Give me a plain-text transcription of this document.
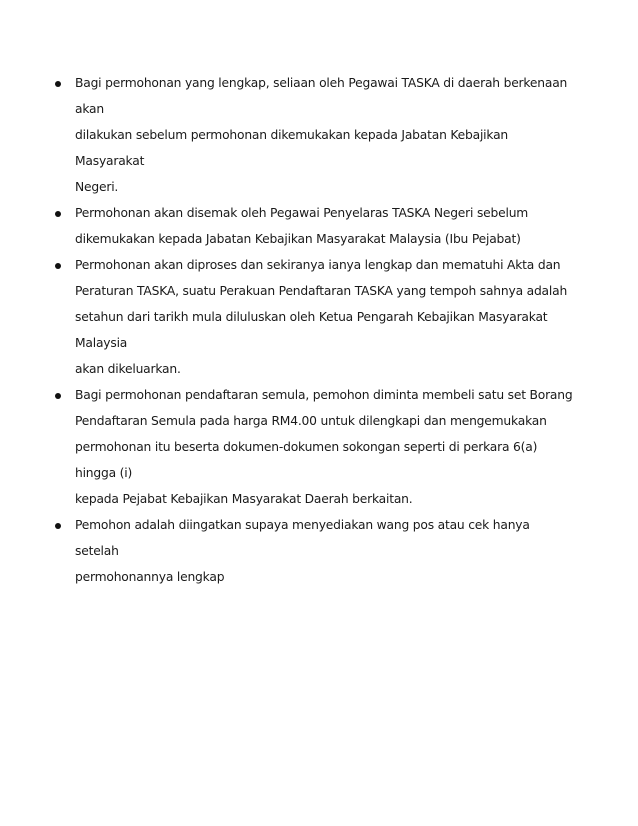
Bagi permohonan yang lengkap, seliaan oleh Pegawai TASKA di daerah berkenaan akan
dilakukan sebelum permohonan dikemukakan kepada Jabatan Kebajikan Masyarakat
Negeri.
Permohonan akan disemak oleh Pegawai Penyelaras TASKA Negeri sebelum
dikemukakan kepada Jabatan Kebajikan Masyarakat Malaysia (Ibu Pejabat)
Permohonan akan diproses dan sekiranya ianya lengkap dan mematuhi Akta dan
Peraturan TASKA, suatu Perakuan Pendaftaran TASKA yang tempoh sahnya adalah
setahun dari tarikh mula diluluskan oleh Ketua Pengarah Kebajikan Masyarakat Malaysia
akan dikeluarkan.
Bagi permohonan pendaftaran semula, pemohon diminta membeli satu set Borang
Pendaftaran Semula pada harga RM4.00 untuk dilengkapi dan mengemukakan
permohonan itu beserta dokumen-dokumen sokongan seperti di perkara 6(a) hingga (i)
kepada Pejabat Kebajikan Masyarakat Daerah berkaitan.
Pemohon adalah diingatkan supaya menyediakan wang pos atau cek hanya setelah
permohonannya lengkap
